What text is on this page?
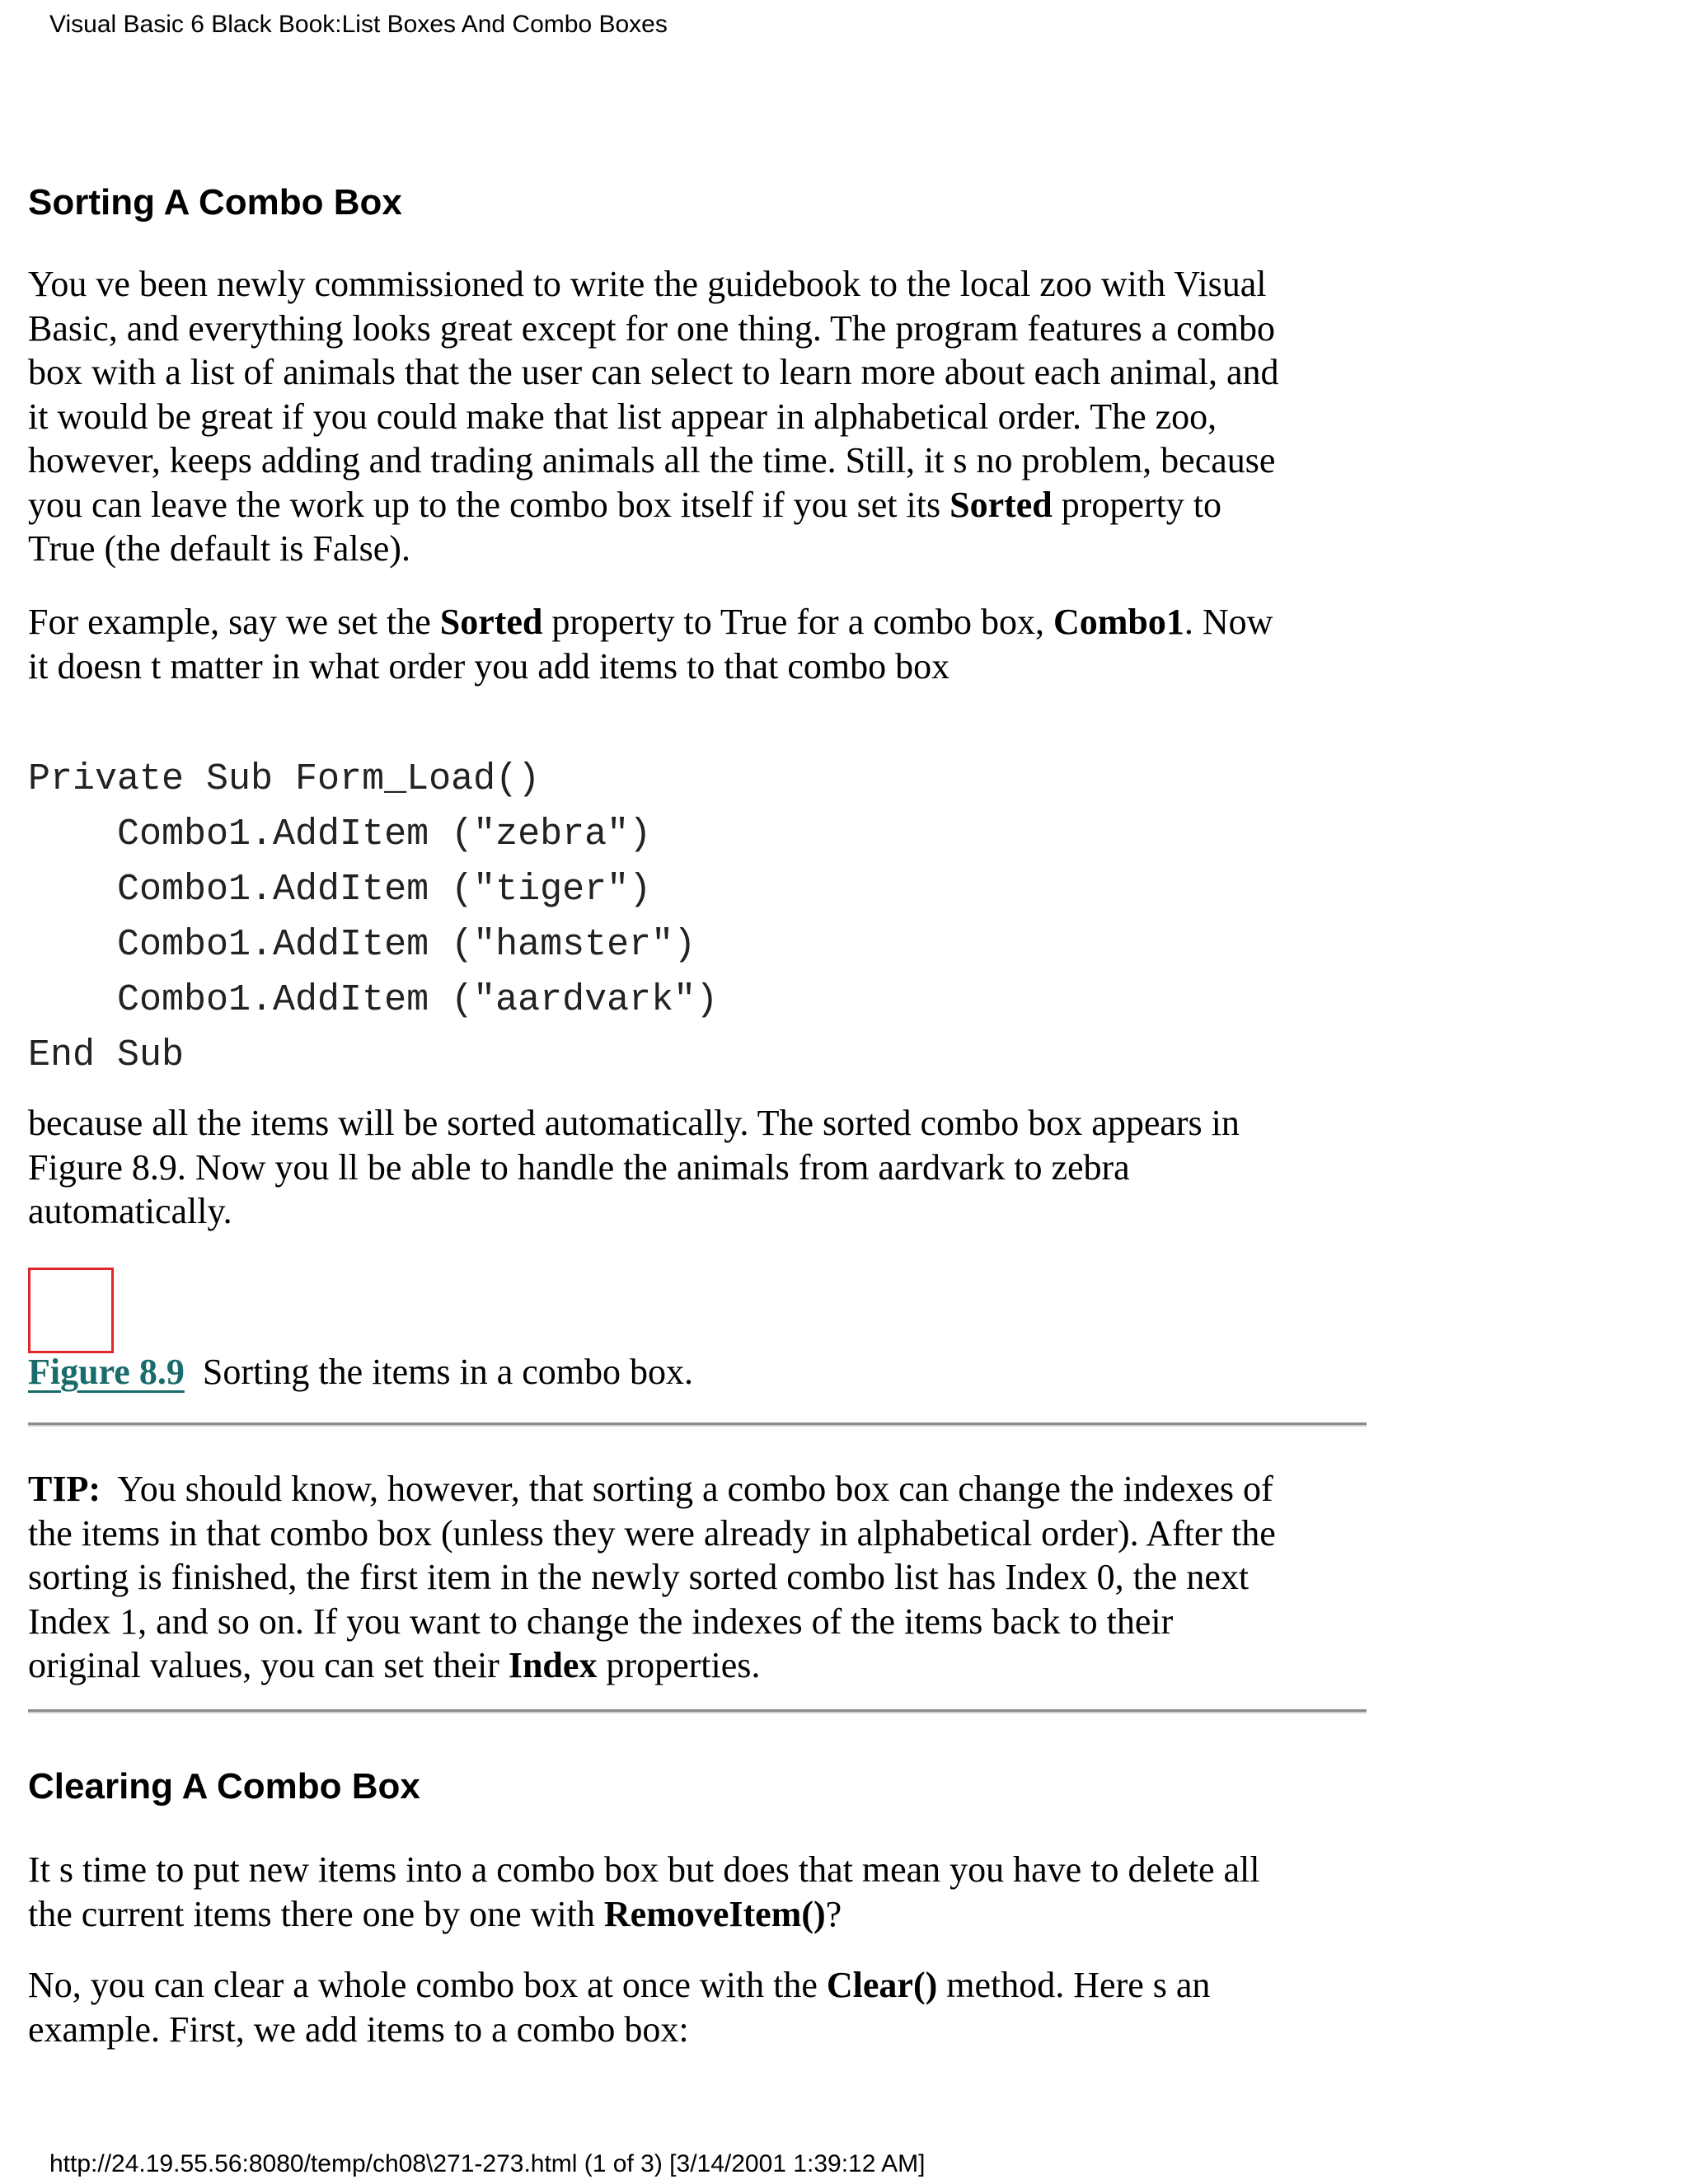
Visual Basic 6 Black Book:List Boxes And Combo Boxes
Sorting A Combo Box

You ve been newly commissioned to write the guidebook to the local zoo with Visual
Basic, and everything looks great except for one thing. The program features a combo
box with a list of animals that the user can select to learn more about each animal, and
it would be great if you could make that list appear in alphabetical order. The zoo,
however, keeps adding and trading animals all the time. Still, it s no problem, because
you can leave the work up to the combo box itself if you set its Sorted property to
True (the default is False).

For example, say we set the Sorted property to True for a combo box, Combo1. Now
it doesn t matter in what order you add items to that combo box

Private Sub Form_Load()
Combo1.AddItem ("zebra")
Combo1.AddItem ("tiger")
Combo1.AddItem ("hamster")
Combo1.AddItem ("aardvark")
End Sub

because all the items will be sorted automatically. The sorted combo box appears in
Figure 8.9. Now you ll be able to handle the animals from aardvark to zebra
automatically.

Figure 8.9 Sorting the items in a combo box.

TIP: You should know, however, that sorting a combo box can change the indexes of
the items in that combo box (unless they were already in alphabetical order). After the
sorting is finished, the first item in the newly sorted combo list has Index 0, the next
Index 1, and so on. If you want to change the indexes of the items back to their
original values, you can set their Index properties.

Clearing A Combo Box

It s time to put new items into a combo box but does that mean you have to delete all
the current items there one by one with RemoveItem()?

No, you can clear a whole combo box at once with the Clear() method. Here s an
example. First, we add items to a combo box:

http://24.19.55.56:8080/temp/ch08\271-273.html (1 of 3) [3/14/2001 1:39:12 AM]
